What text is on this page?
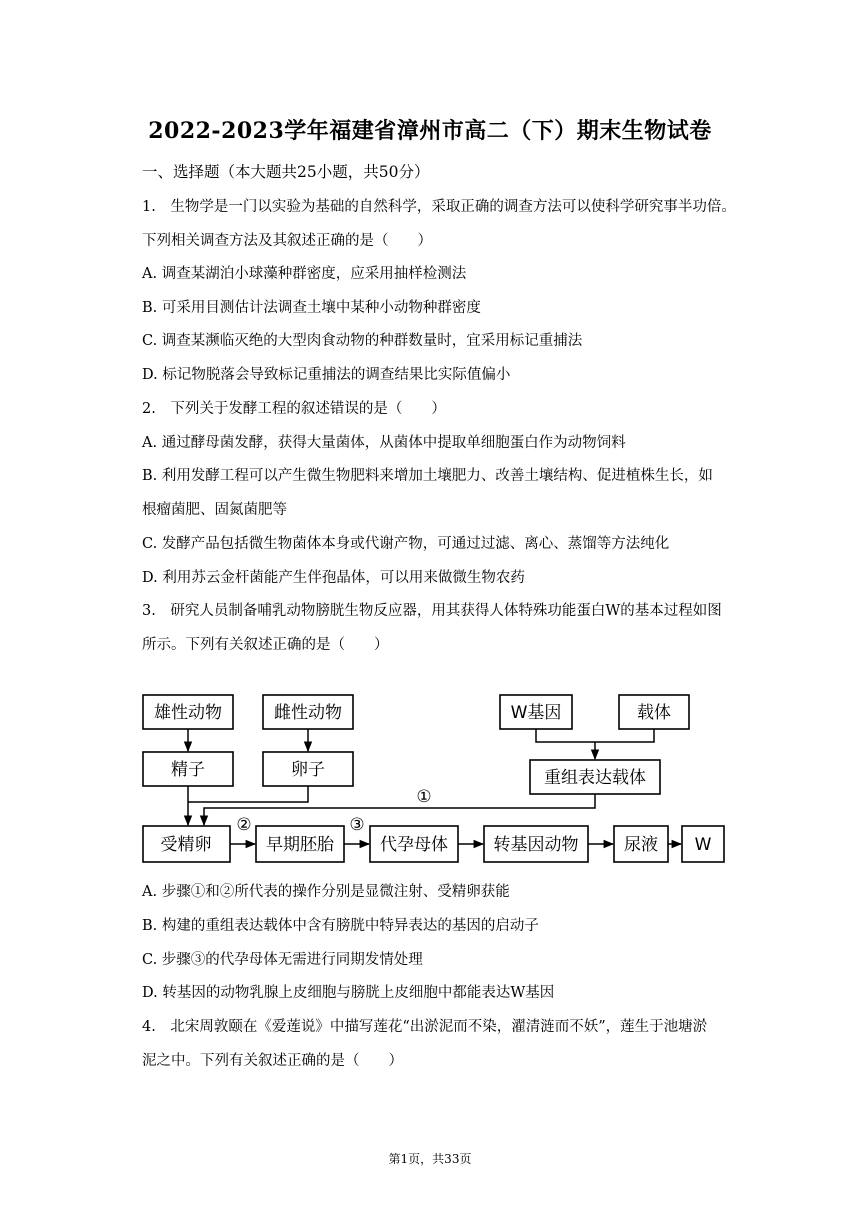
2022-2023学年福建省漳州市高二（下）期末生物试卷
一、选择题（本大题共25小题，共50分）
1.　生物学是一门以实验为基础的自然科学，采取正确的调查方法可以使科学研究事半功倍。
下列相关调查方法及其叙述正确的是（　　）
A. 调查某湖泊小球藻种群密度，应采用抽样检测法
B. 可采用目测估计法调查土壤中某种小动物种群密度
C. 调查某濒临灭绝的大型肉食动物的种群数量时，宜采用标记重捕法
D. 标记物脱落会导致标记重捕法的调查结果比实际值偏小
2.　下列关于发酵工程的叙述错误的是（　　）
A. 通过酵母菌发酵，获得大量菌体，从菌体中提取单细胞蛋白作为动物饲料
B. 利用发酵工程可以产生微生物肥料来增加土壤肥力、改善土壤结构、促进植株生长，如
根瘤菌肥、固氮菌肥等
C. 发酵产品包括微生物菌体本身或代谢产物，可通过过滤、离心、蒸馏等方法纯化
D. 利用苏云金杆菌能产生伴孢晶体，可以用来做微生物农药
3.　研究人员制备哺乳动物膀胱生物反应器，用其获得人体特殊功能蛋白W的基本过程如图
所示。下列有关叙述正确的是（　　）
雄性动物	雌性动物	W基因	载体
精子	卵子	重组表达载体
受精卵	早期胚胎	代孕母体	转基因动物	尿液 W
①
②	③
A. 步骤①和②所代表的操作分别是显微注射、受精卵获能
B. 构建的重组表达载体中含有膀胱中特异表达的基因的启动子
C. 步骤③的代孕母体无需进行同期发情处理
D. 转基因的动物乳腺上皮细胞与膀胱上皮细胞中都能表达W基因
4.　北宋周敦颐在《爱莲说》中描写莲花“出淤泥而不染，濯清涟而不妖”，莲生于池塘淤
泥之中。下列有关叙述正确的是（　　）
第1页，共33页
